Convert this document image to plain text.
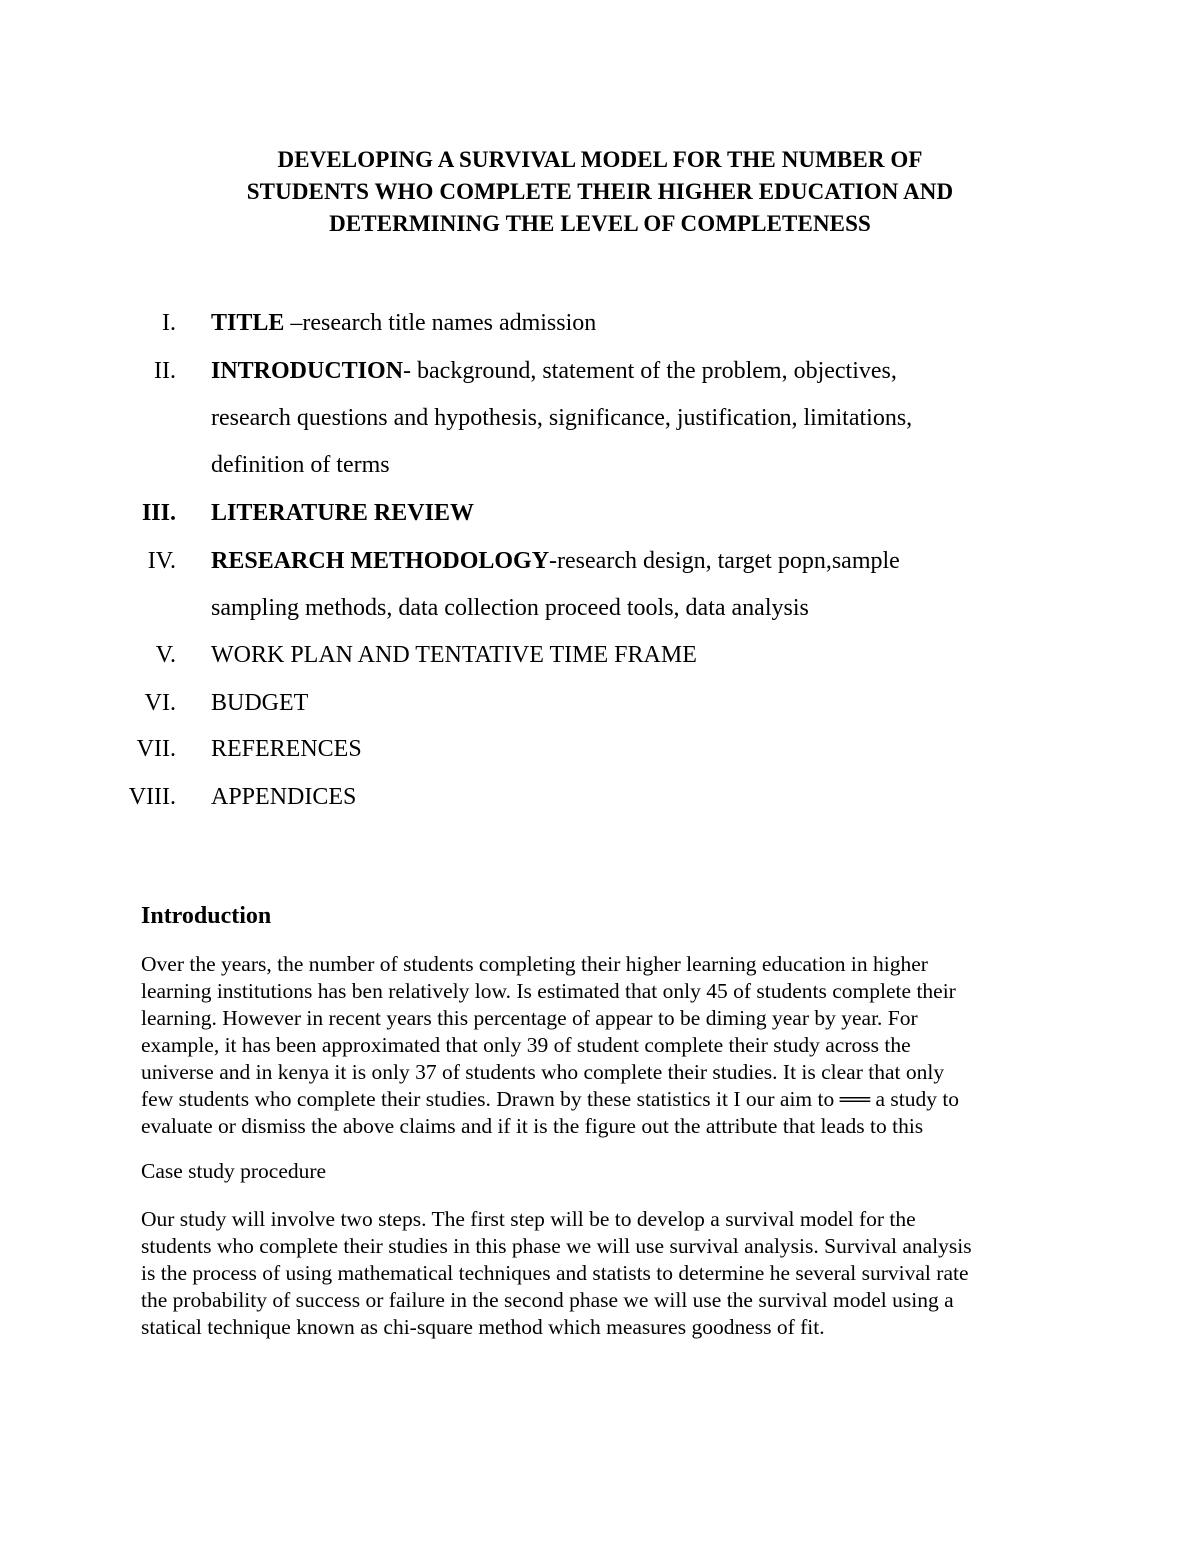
DEVELOPING A SURVIVAL MODEL FOR THE NUMBER OF
STUDENTS WHO COMPLETE THEIR HIGHER EDUCATION AND
DETERMINING THE LEVEL OF COMPLETENESS
I. TITLE –research title names admission
II. INTRODUCTION- background, statement of the problem, objectives,
research questions and hypothesis, significance, justification, limitations,
definition of terms
III. LITERATURE REVIEW
IV. RESEARCH METHODOLOGY-research design, target popn,sample
sampling methods, data collection proceed tools, data analysis
V. WORK PLAN AND TENTATIVE TIME FRAME
VI. BUDGET
VII. REFERENCES
VIII. APPENDICES
Introduction
Over the years, the number of students completing their higher learning education in higher
learning institutions has ben relatively low. Is estimated that only 45 of students complete their
learning. However in recent years this percentage of appear to be diming year by year. For
example, it has been approximated that only 39 of student complete their study across the
universe and in kenya it is only 37 of students who complete their studies. It is clear that only
few students who complete their studies. Drawn by these statistics it I our aim to ══ a study to
evaluate or dismiss the above claims and if it is the figure out the attribute that leads to this
Case study procedure
Our study will involve two steps. The first step will be to develop a survival model for the
students who complete their studies in this phase we will use survival analysis. Survival analysis
is the process of using mathematical techniques and statists to determine he several survival rate
the probability of success or failure in the second phase we will use the survival model using a
statical technique known as chi-square method which measures goodness of fit.
